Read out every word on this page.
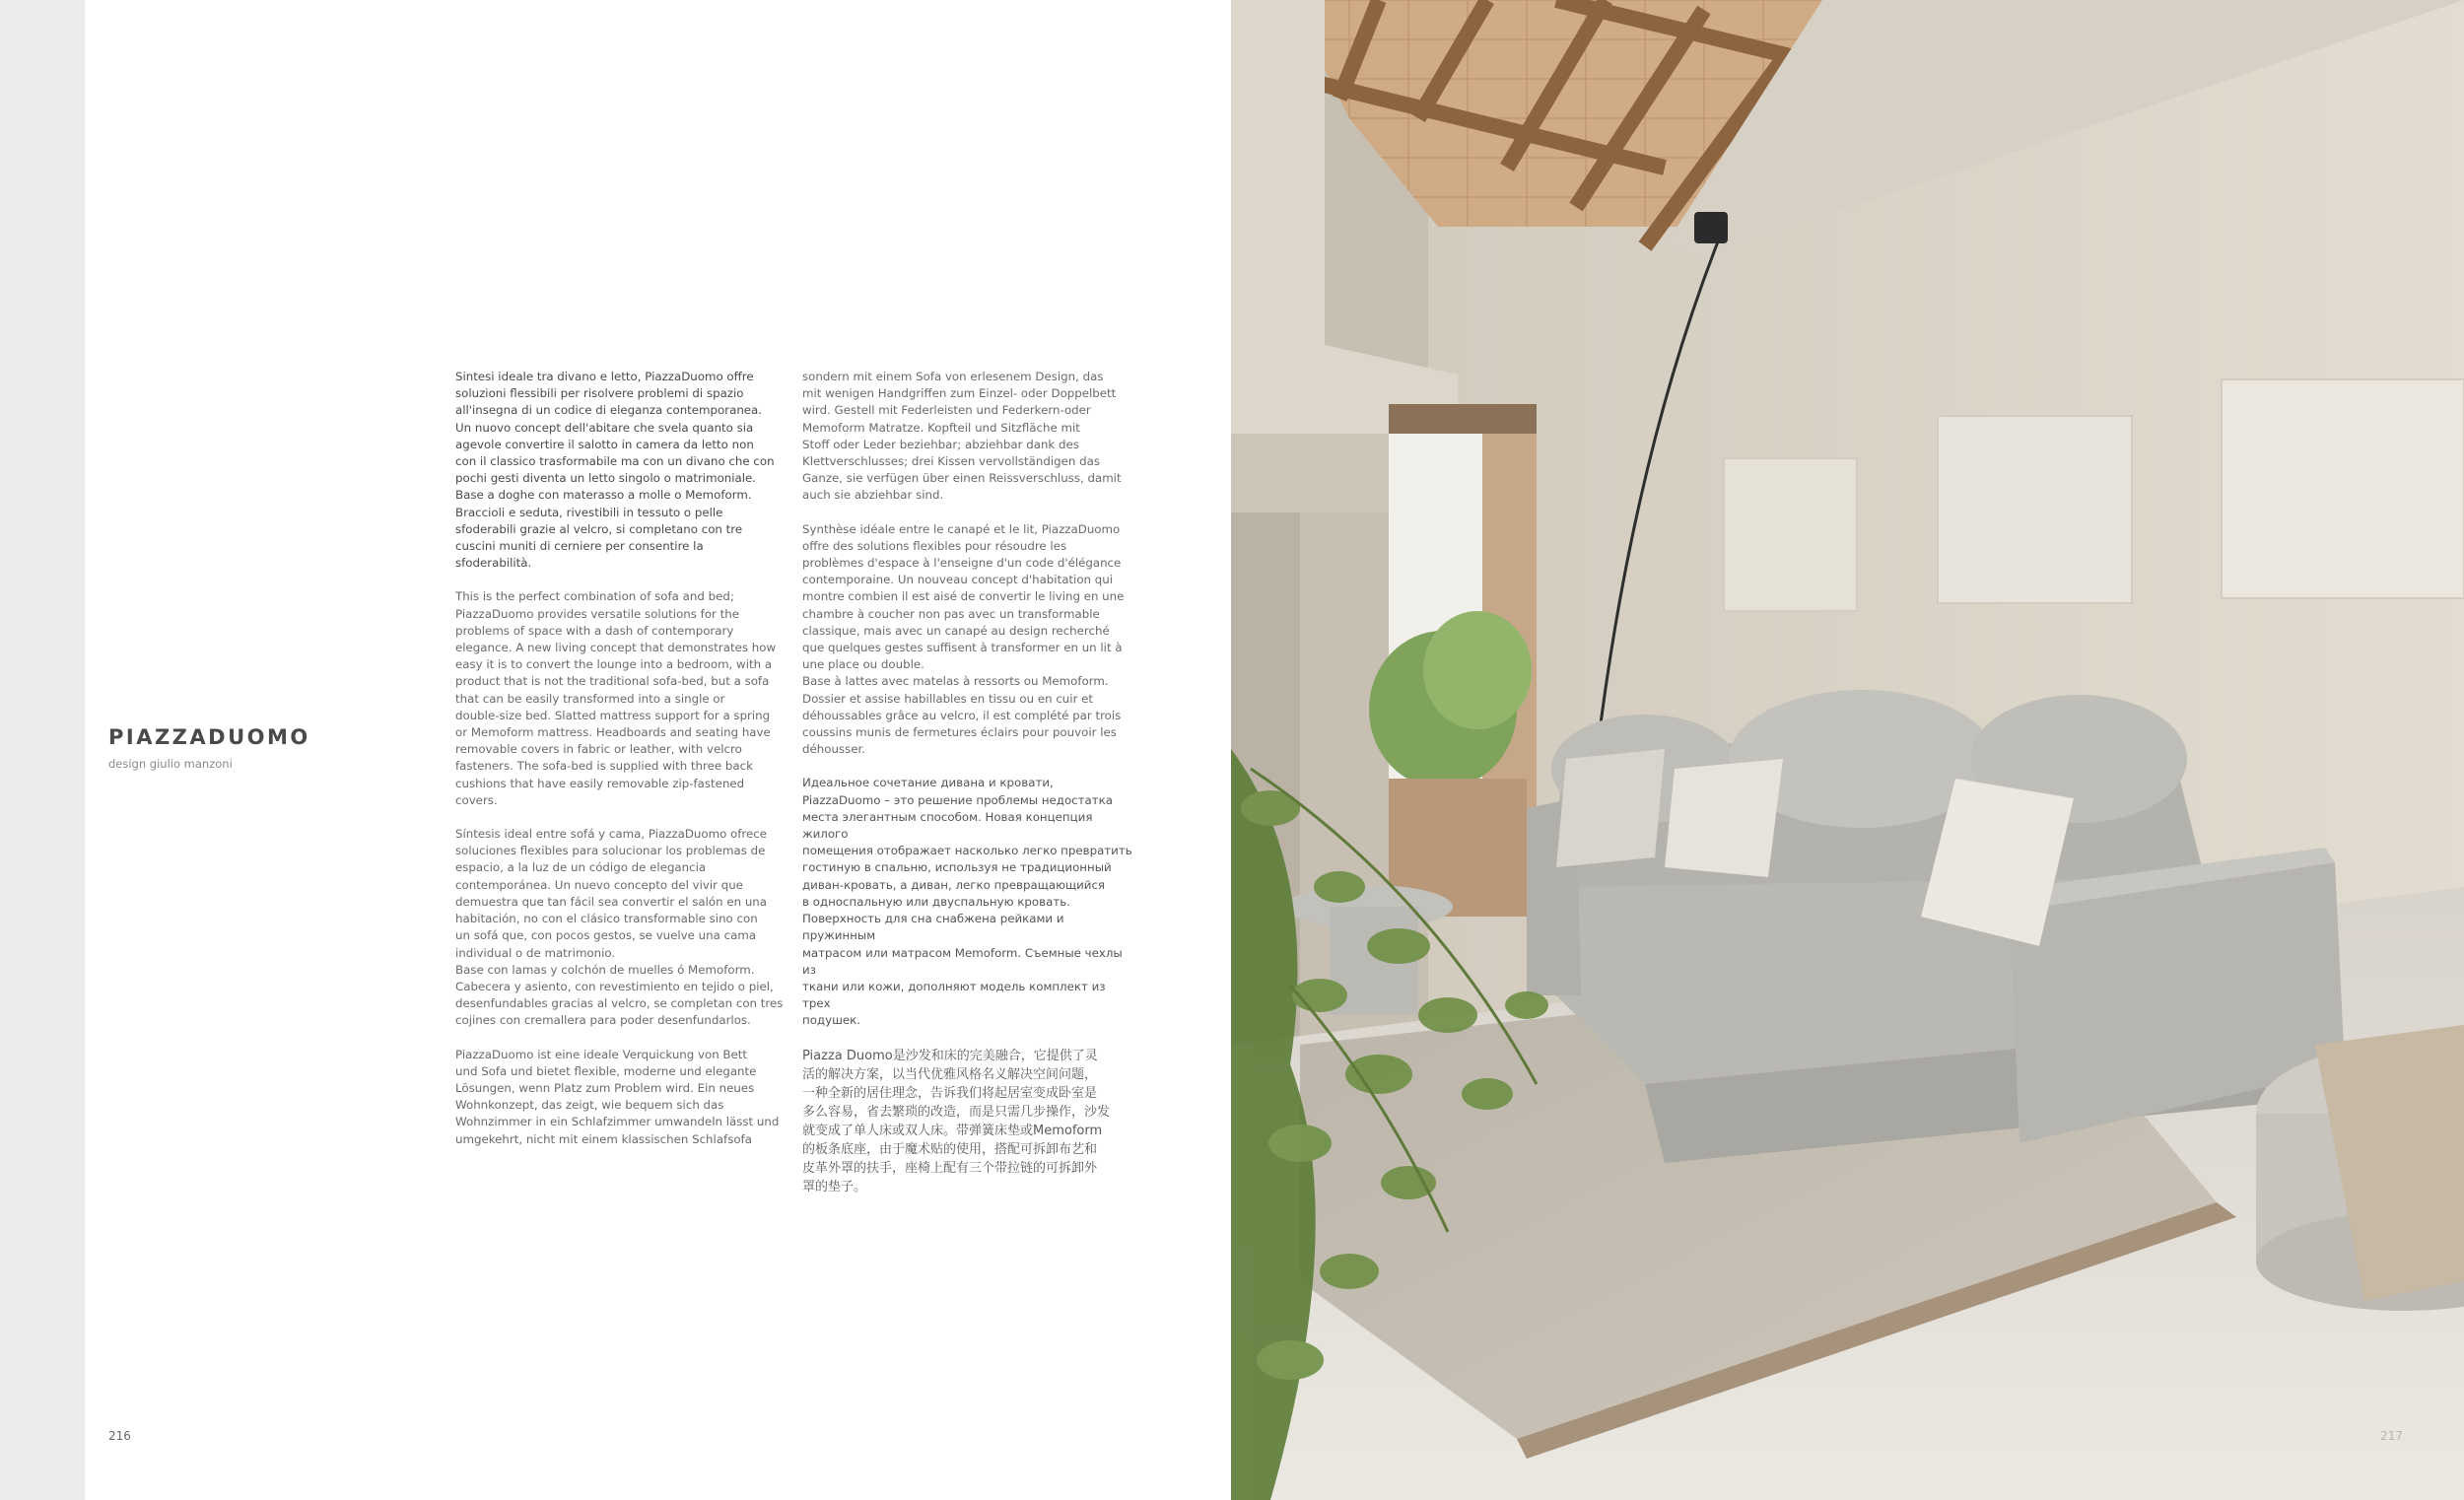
PIAZZADUOMO
design giulio manzoni

Sintesi ideale tra divano e letto, PiazzaDuomo offre
soluzioni flessibili per risolvere problemi di spazio
all'insegna di un codice di eleganza contemporanea.
Un nuovo concept dell'abitare che svela quanto sia
agevole convertire il salotto in camera da letto non
con il classico trasformabile ma con un divano che con
pochi gesti diventa un letto singolo o matrimoniale.
Base a doghe con materasso a molle o Memoform.
Braccioli e seduta, rivestibili in tessuto o pelle
sfoderabili grazie al velcro, si completano con tre
cuscini muniti di cerniere per consentire la
sfoderabilità.

This is the perfect combination of sofa and bed;
PiazzaDuomo provides versatile solutions for the
problems of space with a dash of contemporary
elegance. A new living concept that demonstrates how
easy it is to convert the lounge into a bedroom, with a
product that is not the traditional sofa-bed, but a sofa
that can be easily transformed into a single or
double-size bed. Slatted mattress support for a spring
or Memoform mattress. Headboards and seating have
removable covers in fabric or leather, with velcro
fasteners. The sofa-bed is supplied with three back
cushions that have easily removable zip-fastened
covers.

Síntesis ideal entre sofá y cama, PiazzaDuomo ofrece
soluciones flexibles para solucionar los problemas de
espacio, a la luz de un código de elegancia
contemporánea. Un nuevo concepto del vivir que
demuestra que tan fácil sea convertir el salón en una
habitación, no con el clásico transformable sino con
un sofá que, con pocos gestos, se vuelve una cama
individual o de matrimonio.
Base con lamas y colchón de muelles ó Memoform.
Cabecera y asiento, con revestimiento en tejido o piel,
desenfundables gracias al velcro, se completan con tres
cojines con cremallera para poder desenfundarlos.

PiazzaDuomo ist eine ideale Verquickung von Bett
und Sofa und bietet flexible, moderne und elegante
Lösungen, wenn Platz zum Problem wird. Ein neues
Wohnkonzept, das zeigt, wie bequem sich das
Wohnzimmer in ein Schlafzimmer umwandeln lässt und
umgekehrt, nicht mit einem klassischen Schlafsofa

sondern mit einem Sofa von erlesenem Design, das
mit wenigen Handgriffen zum Einzel- oder Doppelbett
wird. Gestell mit Federleisten und Federkern-oder
Memoform Matratze. Kopfteil und Sitzfläche mit
Stoff oder Leder beziehbar; abziehbar dank des
Klettverschlusses; drei Kissen vervollständigen das
Ganze, sie verfügen über einen Reissverschluss, damit
auch sie abziehbar sind.

Synthèse idéale entre le canapé et le lit, PiazzaDuomo
offre des solutions flexibles pour résoudre les
problèmes d'espace à l'enseigne d'un code d'élégance
contemporaine. Un nouveau concept d'habitation qui
montre combien il est aisé de convertir le living en une
chambre à coucher non pas avec un transformable
classique, mais avec un canapé au design recherché
que quelques gestes suffisent à transformer en un lit à
une place ou double.
Base à lattes avec matelas à ressorts ou Memoform.
Dossier et assise habillables en tissu ou en cuir et
déhoussables grâce au velcro, il est complété par trois
coussins munis de fermetures éclairs pour pouvoir les
déhousser.

Идеальное сочетание дивана и кровати,
PiazzaDuomo – это решение проблемы недостатка
места элегантным способом. Новая концепция жилого
помещения отображает насколько легко превратить
гостиную в спальню, используя не традиционный
диван-кровать, а диван, легко превращающийся
в односпальную или двуспальную кровать.
Поверхность для сна снабжена рейками и пружинным
матрасом или матрасом Memoform. Съемные чехлы из
ткани или кожи, дополняют модель комплект из трех
подушек.

Piazza Duomo是沙发和床的完美融合，它提供了灵
活的解决方案，以当代优雅风格名义解决空间问题，
一种全新的居住理念，告诉我们将起居室变成卧室是
多么容易，省去繁琐的改造，而是只需几步操作，沙发
就变成了单人床或双人床。带弹簧床垫或Memoform
的板条底座，由于魔术贴的使用，搭配可拆卸布艺和
皮革外罩的扶手，座椅上配有三个带拉链的可拆卸外
罩的垫子。

216	217
